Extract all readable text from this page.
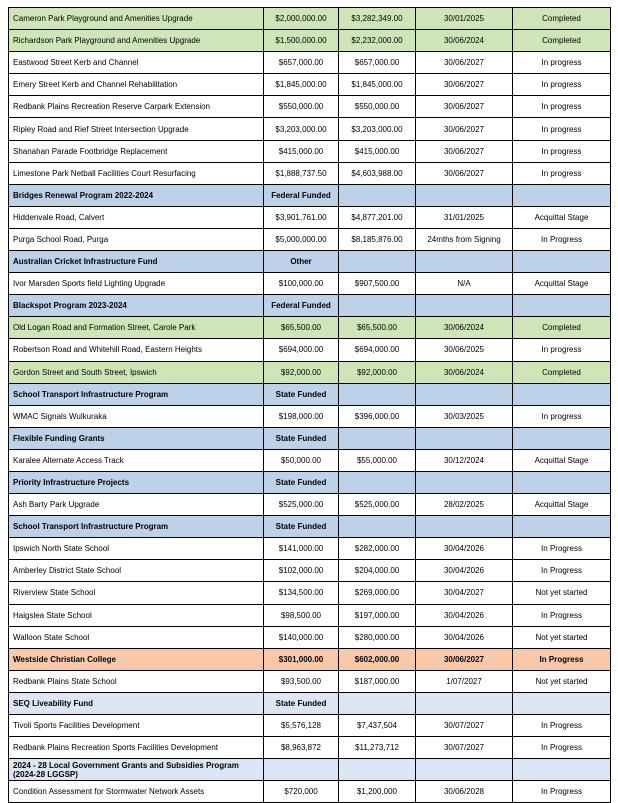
Cameron Park Playground and Amenities Upgrade	$2,000,000.00	$3,282,349.00	30/01/2025	Completed
Richardson Park Playground and Amenities Upgrade	$1,500,000.00	$2,232,000.00	30/06/2024	Completed
Eastwood Street Kerb and Channel	$657,000.00	$657,000.00	30/06/2027	In progress
Emery Street Kerb and Channel Rehabilitation	$1,845,000.00	$1,845,000.00	30/06/2027	In progress
Redbank Plains Recreation Reserve Carpark Extension	$550,000.00	$550,000.00	30/06/2027	In progress
Ripley Road and Rief Street Intersection Upgrade	$3,203,000.00	$3,203,000.00	30/06/2027	In progress
Shanahan Parade Footbridge Replacement	$415,000.00	$415,000.00	30/06/2027	In progress
Limestone Park Netball Facilities Court Resurfacing	$1,888,737.50	$4,603,988.00	30/06/2027	In progress
Bridges Renewal Program 2022-2024	Federal Funded			
Hiddenvale Road, Calvert	$3,901,761.00	$4,877,201.00	31/01/2025	Acquittal Stage
Purga School Road, Purga	$5,000,000.00	$8,185,876.00	24mths from Signing	In Progress
Australian Cricket Infrastructure Fund	Other			
Ivor Marsden Sports field Lighting Upgrade	$100,000.00	$907,500.00	N/A	Acquittal Stage
Blackspot Program 2023-2024	Federal Funded			
Old Logan Road and Formation Street, Carole Park	$65,500.00	$65,500.00	30/06/2024	Completed
Robertson Road and Whitehill Road, Eastern Heights	$694,000.00	$694,000.00	30/06/2025	In progress
Gordon Street and South Street, Ipswich	$92,000.00	$92,000.00	30/06/2024	Completed
School Transport Infrastructure Program	State Funded			
WMAC Signals Wulkuraka	$198,000.00	$396,000.00	30/03/2025	In progress
Flexible Funding Grants	State Funded			
Karalee Alternate Access Track	$50,000.00	$55,000.00	30/12/2024	Acquittal Stage
Priority Infrastructure Projects	State Funded			
Ash Barty Park Upgrade	$525,000.00	$525,000.00	28/02/2025	Acquittal Stage
School Transport Infrastructure Program	State Funded			
Ipswich North State School	$141,000.00	$282,000.00	30/04/2026	In Progress
Amberley District State School	$102,000.00	$204,000.00	30/04/2026	In Progress
Riverview State School	$134,500.00	$269,000.00	30/04/2027	Not yet started
Haigslea State School	$98,500.00	$197,000.00	30/04/2026	In Progress
Walloon State School	$140,000.00	$280,000.00	30/04/2026	Not yet started
Westside Christian College	$301,000.00	$602,000.00	30/06/2027	In Progress
Redbank Plains State School	$93,500.00	$187,000.00	1/07/2027	Not yet started
SEQ Liveability Fund	State Funded			
Tivoli Sports Facilities Development	$5,576,128	$7,437,504	30/07/2027	In Progress
Redbank Plains Recreation Sports Facilities Development	$8,963,872	$11,273,712	30/07/2027	In Progress
2024 - 28 Local Government Grants and Subsidies Program (2024-28 LGGSP)				
Condition Assessment for Stormwater Network Assets	$720,000	$1,200,000	30/06/2028	In Progress
